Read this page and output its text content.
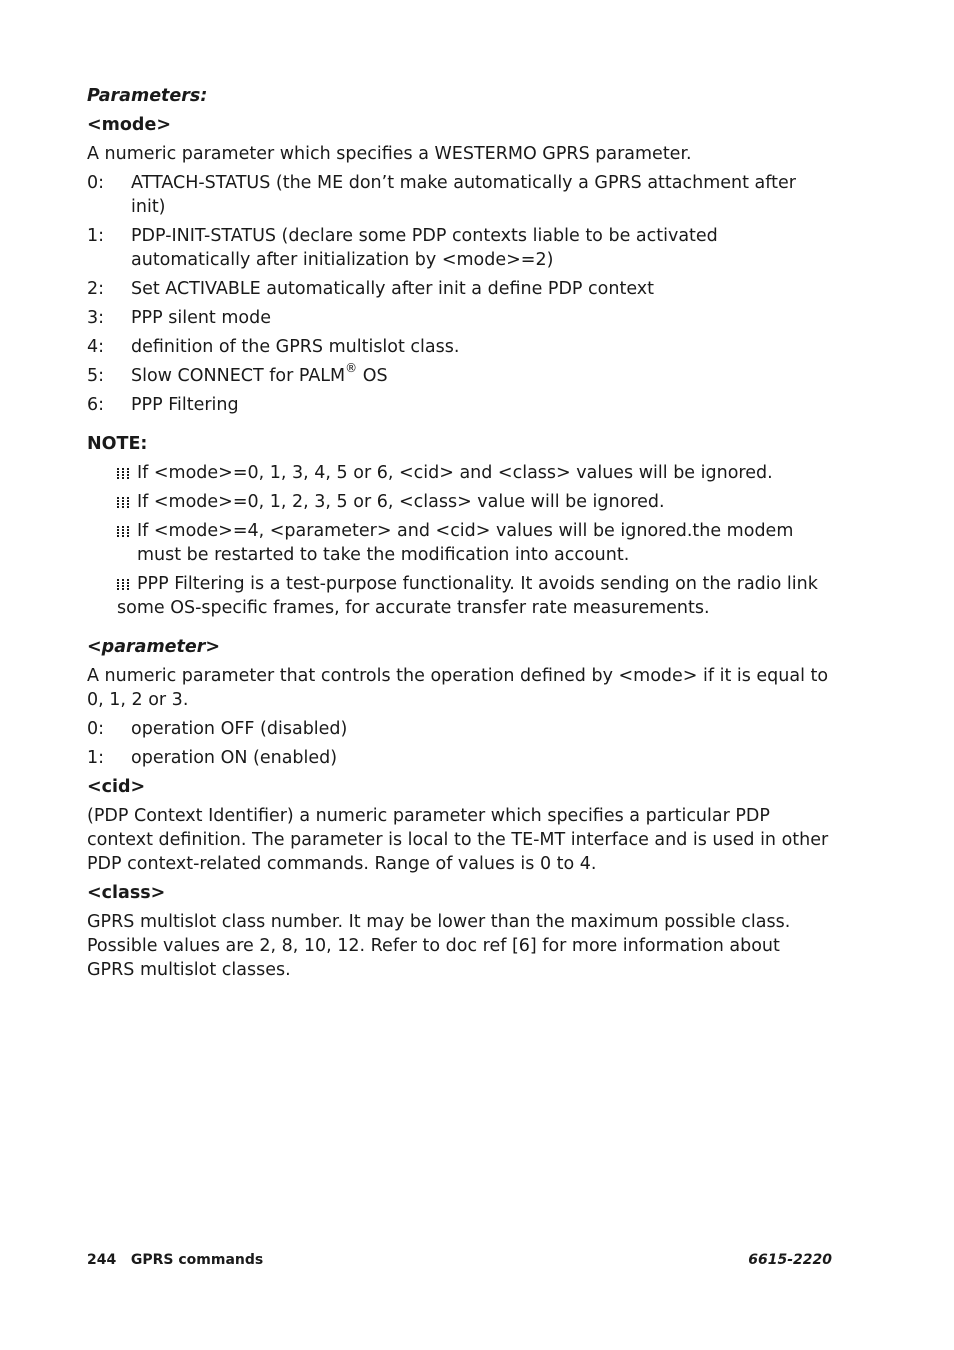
Parameters:
<mode>
A numeric parameter which specifies a WESTERMO GPRS parameter.
0:	ATTACH-STATUS (the ME don’t make automatically a GPRS attachment after init)
1:	PDP-INIT-STATUS (declare some PDP contexts liable to be activated automatically after initialization by <mode>=2)
2:	Set ACTIVABLE automatically after init a define PDP context
3:	PPP silent mode
4:	definition of the GPRS multislot class.
5:	Slow CONNECT for PALM® OS
6:	PPP Filtering
NOTE:
If <mode>=0, 1, 3, 4, 5 or 6, <cid> and <class> values will be ignored.
If <mode>=0, 1, 2, 3, 5 or 6, <class> value will be ignored.
If <mode>=4, <parameter> and <cid> values will be ignored.the modem must be restarted to take the modification into account.
PPP Filtering is a test-purpose functionality. It avoids sending on the radio link some OS-specific frames, for accurate transfer rate measurements.
<parameter>
A numeric parameter that controls the operation defined by <mode> if it is equal to 0, 1, 2 or 3.
0:	operation OFF (disabled)
1:	operation ON (enabled)
<cid>
(PDP Context Identifier) a numeric parameter which specifies a particular PDP context definition. The parameter is local to the TE-MT interface and is used in other PDP context-related commands. Range of values is 0 to 4.
<class>
GPRS multislot class number. It may be lower than the maximum possible class. Possible values are 2, 8, 10, 12. Refer to doc ref [6] for more information about GPRS multislot classes.
244 GPRS commands	6615-2220
